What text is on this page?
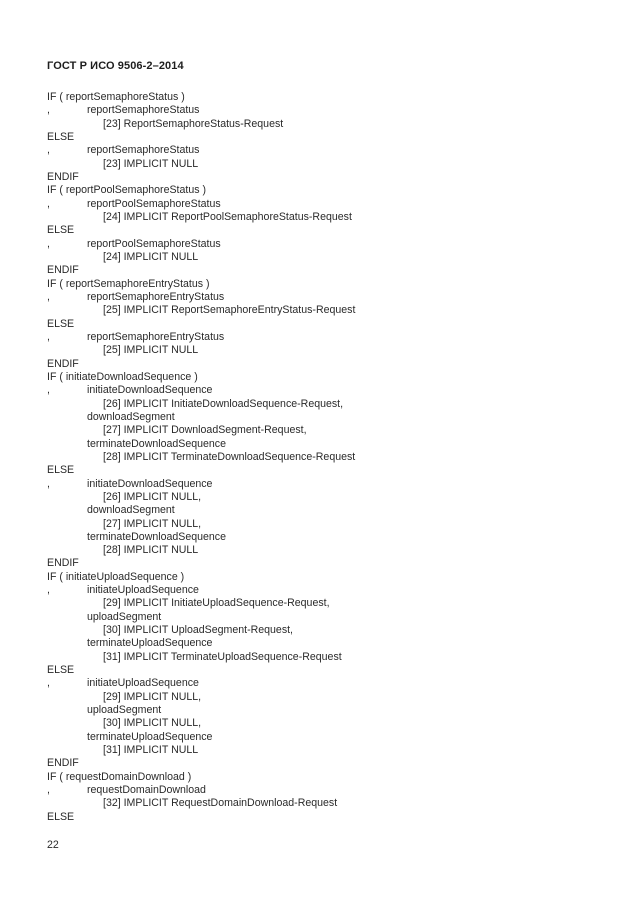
ГОСТ Р ИСО 9506-2–2014
IF ( reportSemaphoreStatus )
,	reportSemaphoreStatus
[23] ReportSemaphoreStatus-Request
ELSE
,	reportSemaphoreStatus
[23] IMPLICIT NULL
ENDIF
IF ( reportPoolSemaphoreStatus )
,	reportPoolSemaphoreStatus
[24] IMPLICIT ReportPoolSemaphoreStatus-Request
ELSE
,	reportPoolSemaphoreStatus
[24] IMPLICIT NULL
ENDIF
IF ( reportSemaphoreEntryStatus )
,	reportSemaphoreEntryStatus
[25] IMPLICIT ReportSemaphoreEntryStatus-Request
ELSE
,	reportSemaphoreEntryStatus
[25] IMPLICIT NULL
ENDIF
IF ( initiateDownloadSequence )
,	initiateDownloadSequence
[26] IMPLICIT InitiateDownloadSequence-Request,
downloadSegment
[27] IMPLICIT DownloadSegment-Request,
terminateDownloadSequence
[28] IMPLICIT TerminateDownloadSequence-Request
ELSE
,	initiateDownloadSequence
[26] IMPLICIT NULL,
downloadSegment
[27] IMPLICIT NULL,
terminateDownloadSequence
[28] IMPLICIT NULL
ENDIF
IF ( initiateUploadSequence )
,	initiateUploadSequence
[29] IMPLICIT InitiateUploadSequence-Request,
uploadSegment
[30] IMPLICIT UploadSegment-Request,
terminateUploadSequence
[31] IMPLICIT TerminateUploadSequence-Request
ELSE
,	initiateUploadSequence
[29] IMPLICIT NULL,
uploadSegment
[30] IMPLICIT NULL,
terminateUploadSequence
[31] IMPLICIT NULL
ENDIF
IF ( requestDomainDownload )
,	requestDomainDownload
[32] IMPLICIT RequestDomainDownload-Request
ELSE
22
